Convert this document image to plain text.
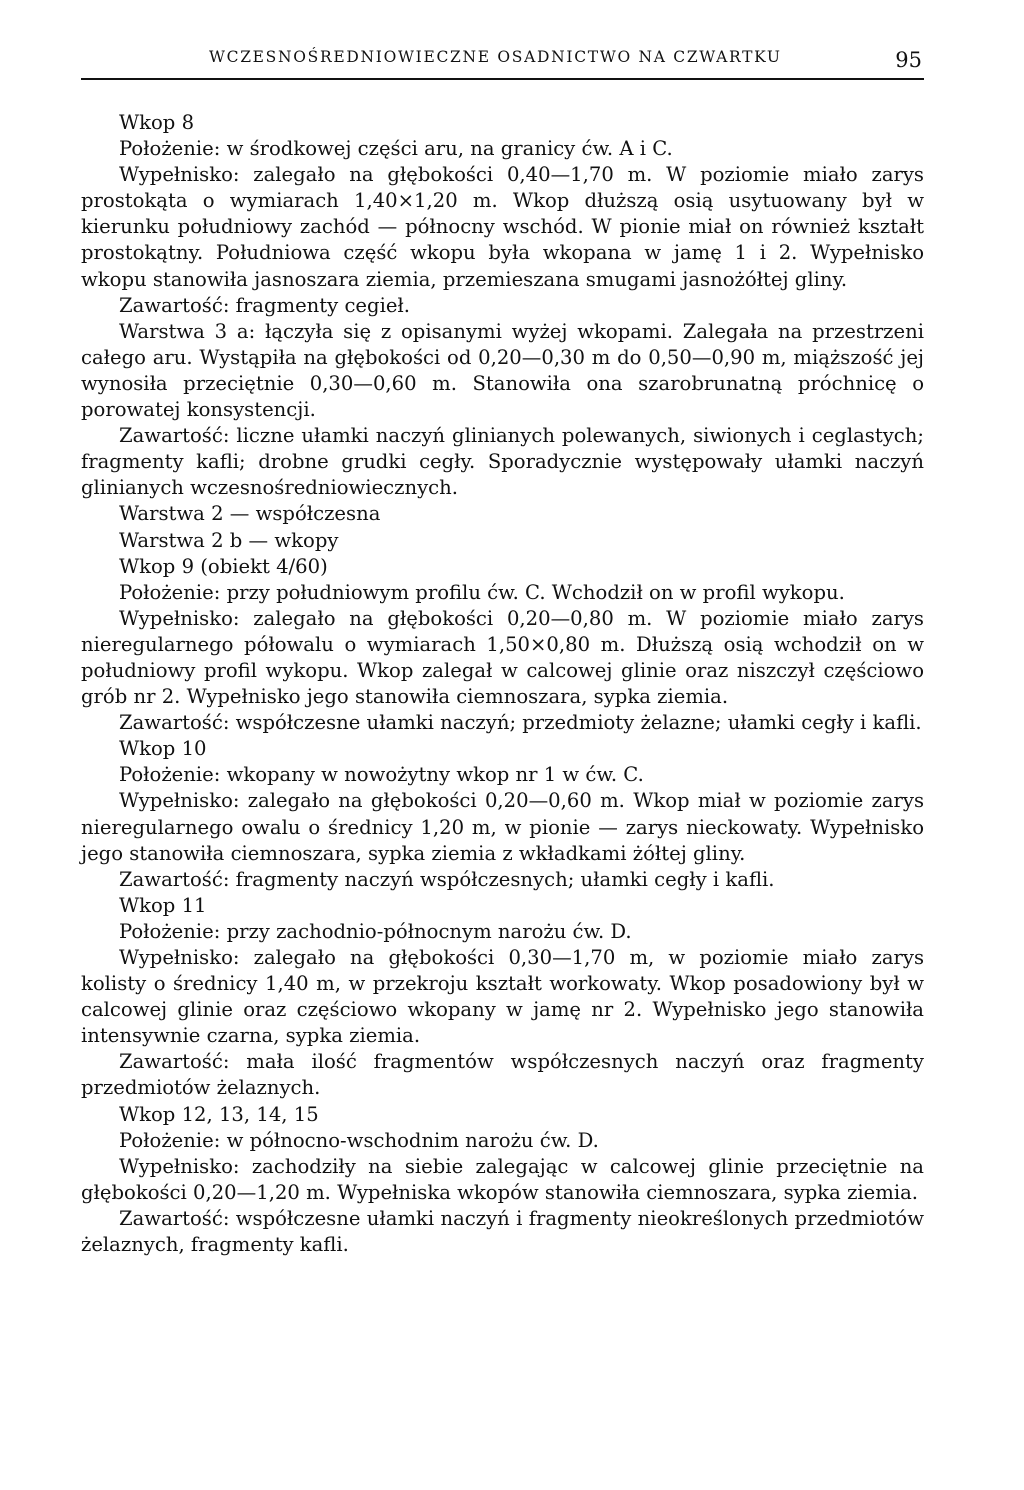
WCZESNOŚREDNIOWIECZNE OSADNICTWO NA CZWARTKU	95

Wkop 8

Położenie: w środkowej części aru, na granicy ćw. A i C.

Wypełnisko: zalegało na głębokości 0,40—1,70 m. W poziomie miało zarys prostokąta o wymiarach 1,40×1,20 m. Wkop dłuższą osią usytuowany był w kierunku południowy zachód — północny wschód. W pionie miał on również kształt prostokątny. Południowa część wkopu była wkopana w jamę 1 i 2. Wypełnisko wkopu stanowiła jasnoszara ziemia, przemieszana smugami jasnożółtej gliny.

Zawartość: fragmenty cegieł.

Warstwa 3 a: łączyła się z opisanymi wyżej wkopami. Zalegała na przestrzeni całego aru. Wystąpiła na głębokości od 0,20—0,30 m do 0,50—0,90 m, miąższość jej wynosiła przeciętnie 0,30—0,60 m. Stanowiła ona szarobrunatną próchnicę o porowatej konsystencji.

Zawartość: liczne ułamki naczyń glinianych polewanych, siwionych i ceglastych; fragmenty kafli; drobne grudki cegły. Sporadycznie występowały ułamki naczyń glinianych wczesnośredniowiecznych.

Warstwa 2 — współczesna

Warstwa 2 b — wkopy

Wkop 9 (obiekt 4/60)

Położenie: przy południowym profilu ćw. C. Wchodził on w profil wykopu.

Wypełnisko: zalegało na głębokości 0,20—0,80 m. W poziomie miało zarys nieregularnego półowalu o wymiarach 1,50×0,80 m. Dłuższą osią wchodził on w południowy profil wykopu. Wkop zalegał w calcowej glinie oraz niszczył częściowo grób nr 2. Wypełnisko jego stanowiła ciemnoszara, sypka ziemia.

Zawartość: współczesne ułamki naczyń; przedmioty żelazne; ułamki cegły i kafli.

Wkop 10

Położenie: wkopany w nowożytny wkop nr 1 w ćw. C.

Wypełnisko: zalegało na głębokości 0,20—0,60 m. Wkop miał w poziomie zarys nieregularnego owalu o średnicy 1,20 m, w pionie — zarys nieckowaty. Wypełnisko jego stanowiła ciemnoszara, sypka ziemia z wkładkami żółtej gliny.

Zawartość: fragmenty naczyń współczesnych; ułamki cegły i kafli.

Wkop 11

Położenie: przy zachodnio-północnym narożu ćw. D.

Wypełnisko: zalegało na głębokości 0,30—1,70 m, w poziomie miało zarys kolisty o średnicy 1,40 m, w przekroju kształt workowaty. Wkop posadowiony był w calcowej glinie oraz częściowo wkopany w jamę nr 2. Wypełnisko jego stanowiła intensywnie czarna, sypka ziemia.

Zawartość: mała ilość fragmentów współczesnych naczyń oraz fragmenty przedmiotów żelaznych.

Wkop 12, 13, 14, 15

Położenie: w północno-wschodnim narożu ćw. D.

Wypełnisko: zachodziły na siebie zalegając w calcowej glinie przeciętnie na głębokości 0,20—1,20 m. Wypełniska wkopów stanowiła ciemnoszara, sypka ziemia.

Zawartość: współczesne ułamki naczyń i fragmenty nieokreślonych przedmiotów żelaznych, fragmenty kafli.
